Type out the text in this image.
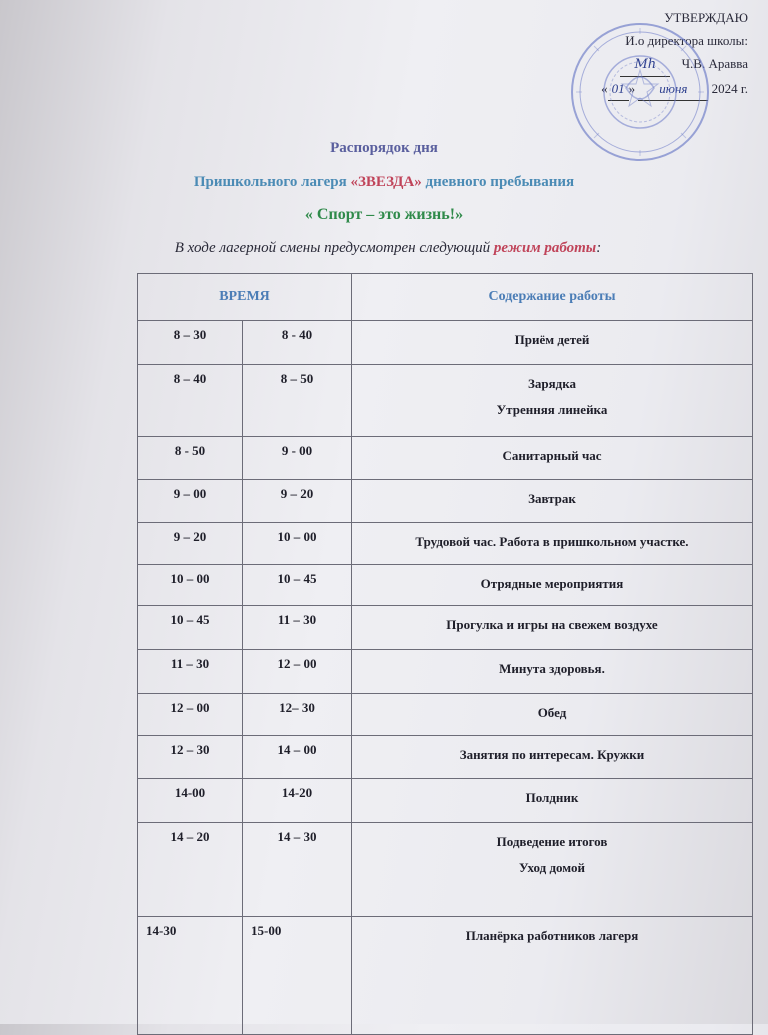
УТВЕРЖДАЮ
И.о директора школы:
Mh Ч.В. Аравва
« 01 » июня 2024 г.
Распорядок дня
Пришкольного лагеря «ЗВЕЗДА» дневного пребывания
« Спорт – это жизнь!»
В ходе лагерной смены предусмотрен следующий режим работы:
ВРЕМЯ		Содержание работы
8 – 30	8 - 40	Приём детей

8 – 40	8 – 50	Зарядка
Утренняя линейка

8 - 50	9 - 00	Санитарный час

9 – 00	9 – 20	Завтрак

9 – 20	10 – 00	Трудовой час. Работа в пришкольном участке.

10 – 00	10 – 45	Отрядные мероприятия

10 – 45	11 – 30	Прогулка и игры на свежем воздухе

11 – 30	12 – 00	Минута здоровья.

12 – 00	12– 30	Обед

12 – 30	14 – 00	Занятия по интересам. Кружки

14-00	14-20	Полдник

14 – 20	14 – 30	Подведение итогов
Уход домой

14-30	15-00	Планёрка работников лагеря
